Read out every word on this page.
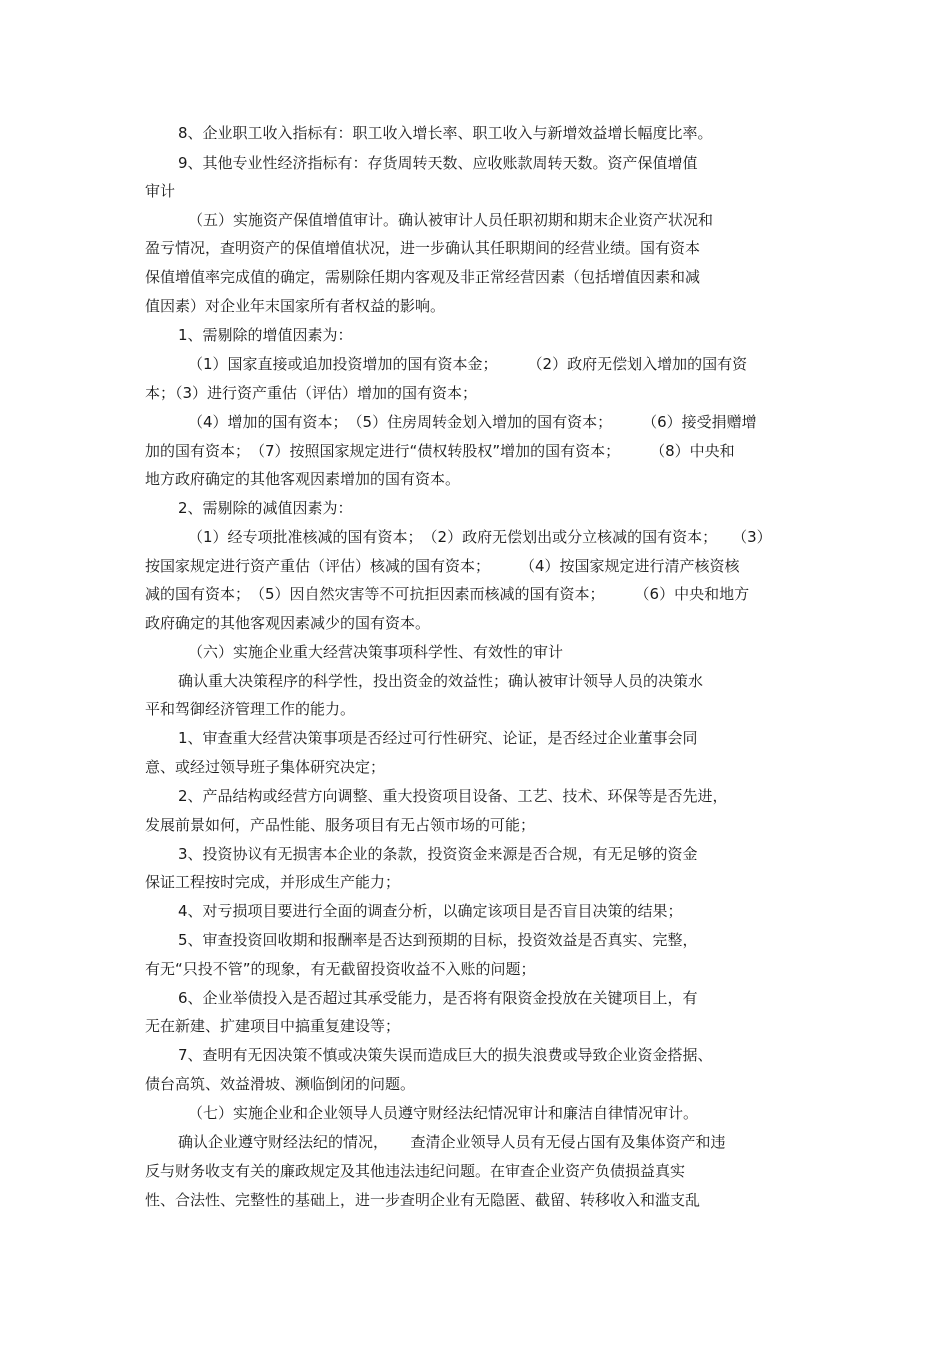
8、企业职工收入指标有：职工收入增长率、职工收入与新增效益增长幅度比率。
9、其他专业性经济指标有：存货周转天数、应收账款周转天数。资产保值增值
审计
（五）实施资产保值增值审计。确认被审计人员任职初期和期末企业资产状况和
盈亏情况，查明资产的保值增值状况，进一步确认其任职期间的经营业绩。国有资本
保值增值率完成值的确定，需剔除任期内客观及非正常经营因素（包括增值因素和减
值因素）对企业年末国家所有者权益的影响。
1、需剔除的增值因素为：
（1）国家直接或追加投资增加的国有资本金；　　　（2）政府无偿划入增加的国有资
本；（3）进行资产重估（评估）增加的国有资本；
（4）增加的国有资本；　（5）住房周转金划入增加的国有资本；　　　（6）接受捐赠增
加的国有资本；　（7）按照国家规定进行“债权转股权”增加的国有资本；　　　（8）中央和
地方政府确定的其他客观因素增加的国有资本。
2、需剔除的减值因素为：
（1）经专项批准核减的国有资本；　（2）政府无偿划出或分立核减的国有资本；　　（3）
按国家规定进行资产重估（评估）核减的国有资本；　　　（4）按国家规定进行清产核资核
减的国有资本；　（5）因自然灾害等不可抗拒因素而核减的国有资本；　　　（6）中央和地方
政府确定的其他客观因素减少的国有资本。
（六）实施企业重大经营决策事项科学性、有效性的审计
确认重大决策程序的科学性，投出资金的效益性；确认被审计领导人员的决策水
平和驾御经济管理工作的能力。
1、审查重大经营决策事项是否经过可行性研究、论证，是否经过企业董事会同
意、或经过领导班子集体研究决定；
2、产品结构或经营方向调整、重大投资项目设备、工艺、技术、环保等是否先进，
发展前景如何，产品性能、服务项目有无占领市场的可能；
3、投资协议有无损害本企业的条款，投资资金来源是否合规，有无足够的资金
保证工程按时完成，并形成生产能力；
4、对亏损项目要进行全面的调查分析，以确定该项目是否盲目决策的结果；
5、审查投资回收期和报酬率是否达到预期的目标，投资效益是否真实、完整，
有无“只投不管”的现象，有无截留投资收益不入账的问题；
6、企业举债投入是否超过其承受能力，是否将有限资金投放在关键项目上，有
无在新建、扩建项目中搞重复建设等；
7、查明有无因决策不慎或决策失误而造成巨大的损失浪费或导致企业资金搭据、
债台高筑、效益滑坡、濒临倒闭的问题。
（七）实施企业和企业领导人员遵守财经法纪情况审计和廉洁自律情况审计。
确认企业遵守财经法纪的情况，　　查清企业领导人员有无侵占国有及集体资产和违
反与财务收支有关的廉政规定及其他违法违纪问题。在审查企业资产负债损益真实
性、合法性、完整性的基础上，进一步查明企业有无隐匿、截留、转移收入和滥支乱
